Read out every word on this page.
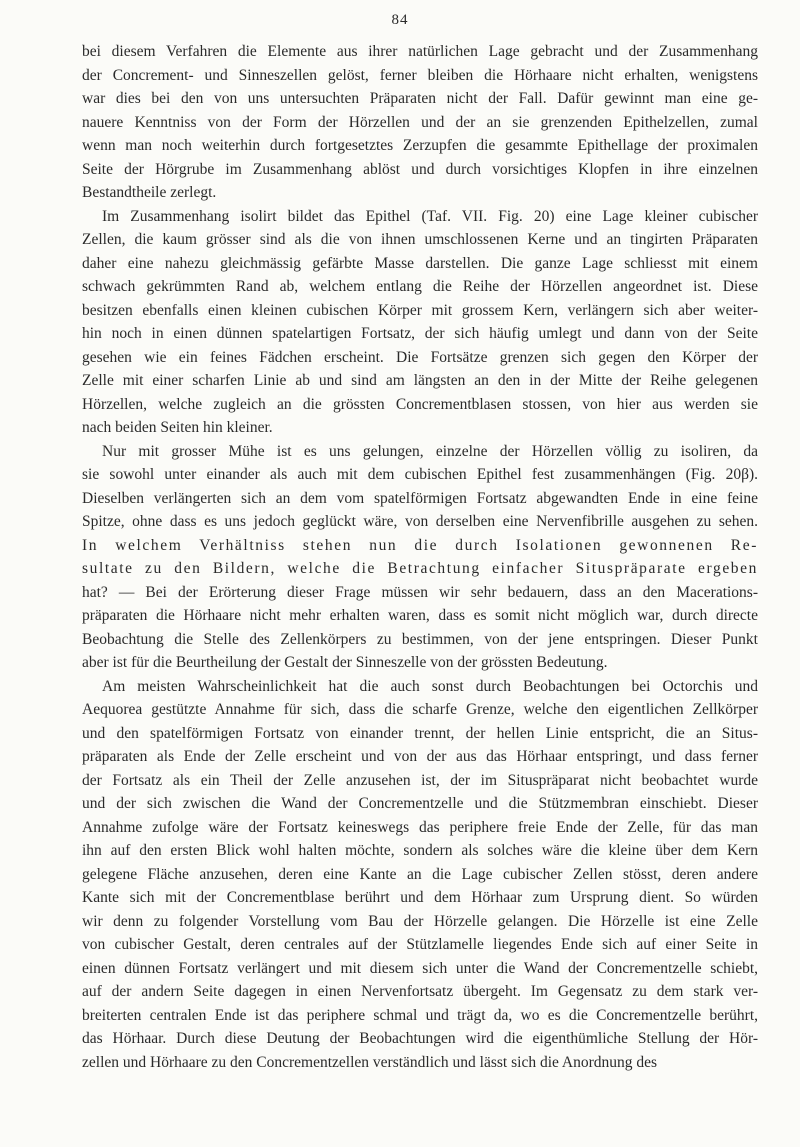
84
bei diesem Verfahren die Elemente aus ihrer natürlichen Lage gebracht und der Zusammenhang
der Concrement- und Sinneszellen gelöst, ferner bleiben die Hörhaare nicht erhalten, wenigstens
war dies bei den von uns untersuchten Präparaten nicht der Fall. Dafür gewinnt man eine ge-
nauere Kenntniss von der Form der Hörzellen und der an sie grenzenden Epithelzellen, zumal
wenn man noch weiterhin durch fortgesetztes Zerzupfen die gesammte Epithellage der proximalen
Seite der Hörgrube im Zusammenhang ablöst und durch vorsichtiges Klopfen in ihre einzelnen
Bestandtheile zerlegt.
Im Zusammenhang isolirt bildet das Epithel (Taf. VII. Fig. 20) eine Lage kleiner cubischer
Zellen, die kaum grösser sind als die von ihnen umschlossenen Kerne und an tingirten Präparaten
daher eine nahezu gleichmässig gefärbte Masse darstellen. Die ganze Lage schliesst mit einem
schwach gekrümmten Rand ab, welchem entlang die Reihe der Hörzellen angeordnet ist. Diese
besitzen ebenfalls einen kleinen cubischen Körper mit grossem Kern, verlängern sich aber weiter-
hin noch in einen dünnen spatelartigen Fortsatz, der sich häufig umlegt und dann von der Seite
gesehen wie ein feines Fädchen erscheint. Die Fortsätze grenzen sich gegen den Körper der
Zelle mit einer scharfen Linie ab und sind am längsten an den in der Mitte der Reihe gelegenen
Hörzellen, welche zugleich an die grössten Concrementblasen stossen, von hier aus werden sie
nach beiden Seiten hin kleiner.
Nur mit grosser Mühe ist es uns gelungen, einzelne der Hörzellen völlig zu isoliren, da
sie sowohl unter einander als auch mit dem cubischen Epithel fest zusammenhängen (Fig. 20β).
Dieselben verlängerten sich an dem vom spatelförmigen Fortsatz abgewandten Ende in eine feine
Spitze, ohne dass es uns jedoch geglückt wäre, von derselben eine Nervenfibrille ausgehen zu sehen.
In welchem Verhältniss stehen nun die durch Isolationen gewonnenen Re-
sultate zu den Bildern, welche die Betrachtung einfacher Situspräparate ergeben
hat? — Bei der Erörterung dieser Frage müssen wir sehr bedauern, dass an den Macerations-
präparaten die Hörhaare nicht mehr erhalten waren, dass es somit nicht möglich war, durch directe
Beobachtung die Stelle des Zellenkörpers zu bestimmen, von der jene entspringen. Dieser Punkt
aber ist für die Beurtheilung der Gestalt der Sinneszelle von der grössten Bedeutung.
Am meisten Wahrscheinlichkeit hat die auch sonst durch Beobachtungen bei Octorchis und
Aequorea gestützte Annahme für sich, dass die scharfe Grenze, welche den eigentlichen Zellkörper
und den spatelförmigen Fortsatz von einander trennt, der hellen Linie entspricht, die an Situs-
präparaten als Ende der Zelle erscheint und von der aus das Hörhaar entspringt, und dass ferner
der Fortsatz als ein Theil der Zelle anzusehen ist, der im Situspräparat nicht beobachtet wurde
und der sich zwischen die Wand der Concrementzelle und die Stützmembran einschiebt. Dieser
Annahme zufolge wäre der Fortsatz keineswegs das periphere freie Ende der Zelle, für das man
ihn auf den ersten Blick wohl halten möchte, sondern als solches wäre die kleine über dem Kern
gelegene Fläche anzusehen, deren eine Kante an die Lage cubischer Zellen stösst, deren andere
Kante sich mit der Concrementblase berührt und dem Hörhaar zum Ursprung dient. So würden
wir denn zu folgender Vorstellung vom Bau der Hörzelle gelangen. Die Hörzelle ist eine Zelle
von cubischer Gestalt, deren centrales auf der Stützlamelle liegendes Ende sich auf einer Seite in
einen dünnen Fortsatz verlängert und mit diesem sich unter die Wand der Concrementzelle schiebt,
auf der andern Seite dagegen in einen Nervenfortsatz übergeht. Im Gegensatz zu dem stark ver-
breiterten centralen Ende ist das periphere schmal und trägt da, wo es die Concrementzelle berührt,
das Hörhaar. Durch diese Deutung der Beobachtungen wird die eigenthümliche Stellung der Hör-
zellen und Hörhaare zu den Concrementzellen verständlich und lässt sich die Anordnung des
